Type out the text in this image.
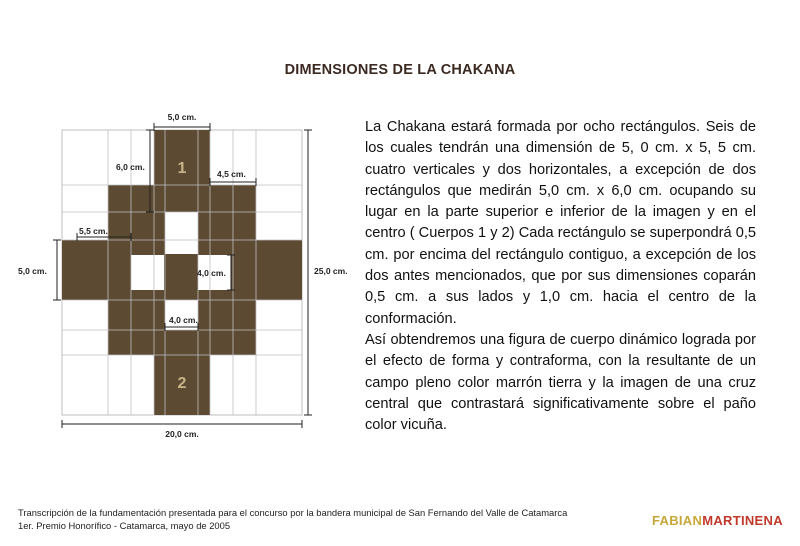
DIMENSIONES DE LA CHAKANA
1
2
5,0 cm.
6,0 cm.
4,5 cm.
5,5 cm.
5,0 cm.	4,0 cm.
4,0 cm.
25,0 cm.
20,0 cm.

La Chakana estará formada por ocho rectángulos. Seis de los cuales tendrán una dimensión de 5, 0 cm. x 5, 5 cm. cuatro verticales y dos horizontales, a excepción de dos rectángulos que medirán 5,0 cm. x 6,0 cm. ocupando su lugar en la parte superior e inferior de la imagen y en el centro ( Cuerpos 1 y 2) Cada rectángulo se superpondrá 0,5 cm. por encima del rectángulo contiguo, a excepción de los dos antes mencionados, que por sus dimensiones coparán 0,5 cm. a sus lados y 1,0 cm. hacia el centro de la conformación.

Así obtendremos una figura de cuerpo dinámico lograda por el efecto de forma y contraforma, con la resultante de un campo pleno color marrón tierra y la imagen de una cruz central que contrastará significativamente sobre el paño color vicuña.

Transcripción de la fundamentación presentada para el concurso por la bandera municipal de San Fernando del Valle de Catamarca
1er. Premio Honorífico - Catamarca, mayo de 2005	FABIANMARTINENA
